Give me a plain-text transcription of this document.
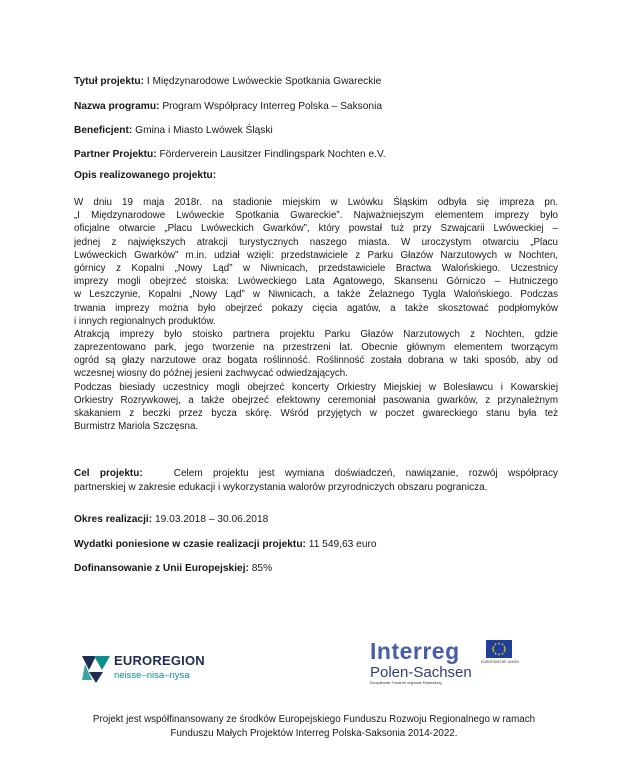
Tytuł projektu: I Międzynarodowe Lwóweckie Spotkania Gwareckie
Nazwa programu: Program Współpracy Interreg Polska – Saksonia
Beneficjent: Gmina i Miasto Lwówek Śląski
Partner Projektu: Förderverein Lausitzer Findlingspark Nochten e.V.
Opis realizowanego projektu:
W dniu 19 maja 2018r. na stadionie miejskim w Lwówku Śląskim odbyła się impreza pn.
„I Międzynarodowe Lwóweckie Spotkania Gwareckie”. Najważniejszym elementem imprezy było
oficjalne otwarcie „Placu Lwóweckich Gwarków”, który powstał tuż przy Szwajcarii Lwóweckiej –
jednej z największych atrakcji turystycznych naszego miasta. W uroczystym otwarciu „Placu
Lwóweckich Gwarków” m.in. udział wzięli: przedstawiciele z Parku Głazów Narzutowych w Nochten,
górnicy z Kopalni „Nowy Ląd” w Niwnicach, przedstawiciele Bractwa Walońskiego. Uczestnicy
imprezy mogli obejrzeć stoiska: Lwóweckiego Lata Agatowego, Skansenu Górniczo – Hutniczego
w Leszczynie, Kopalni „Nowy Ląd” w Niwnicach, a także Żelaznego Tygla Walońskiego. Podczas
trwania imprezy można było obejrzeć pokazy cięcia agatów, a także skosztować podpłomyków
i innych regionalnych produktów.
Atrakcją imprezy było stoisko partnera projektu Parku Głazów Narzutowych z Nochten, gdzie
zaprezentowano park, jego tworzenie na przestrzeni lat. Obecnie głównym elementem tworzącym
ogród są głazy narzutowe oraz bogata roślinność. Roślinność została dobrana w taki sposób, aby od
wczesnej wiosny do późnej jesieni zachwycać odwiedzających.
Podczas biesiady uczestnicy mogli obejrzeć koncerty Orkiestry Miejskiej w Bolesławcu i Kowarskiej
Orkiestry Rozrywkowej, a także obejrzeć efektowny ceremoniał pasowania gwarków, z przynależnym
skakaniem z beczki przez bycza skórę. Wśród przyjętych w poczet gwareckiego stanu była też
Burmistrz Mariola Szczęsna.
Cel projektu:	Celem projektu jest wymiana doświadczeń, nawiązanie, rozwój współpracy
partnerskiej w zakresie edukacji i wykorzystania walorów przyrodniczych obszaru pogranicza.
Okres realizacji: 19.03.2018 – 30.06.2018
Wydatki poniesione w czasie realizacji projektu: 11 549,63 euro
Dofinansowanie z Unii Europejskiej: 85%
EUROREGION
neisse–nisa–nysa
Interreg
Polen-Sachsen
Europäischer Fonds für regionale Entwicklung
EUROPÄISCHE UNION
Projekt jest współfinansowany ze środków Europejskiego Funduszu Rozwoju Regionalnego w ramach
Funduszu Małych Projektów Interreg Polska-Saksonia 2014-2022.
